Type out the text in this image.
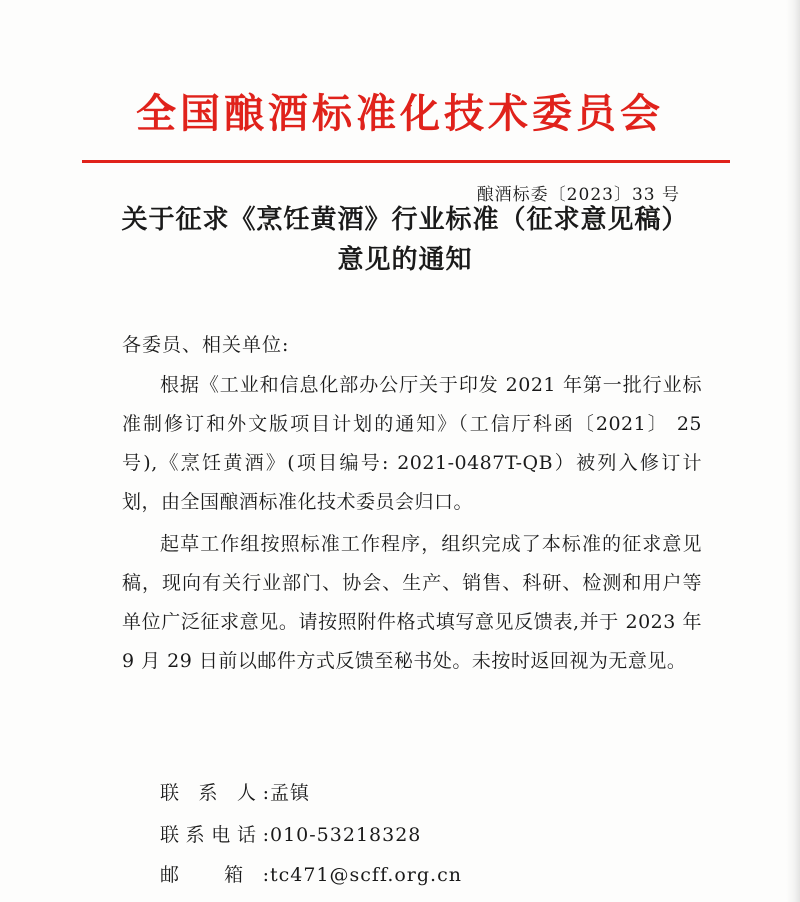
全国酿酒标准化技术委员会
酿酒标委〔2023〕33 号
关于征求《烹饪黄酒》行业标准（征求意见稿）意见的通知
各委员、相关单位:
根据《工业和信息化部办公厅关于印发 2021 年第一批行业标准制修订和外文版项目计划的通知》（工信厅科函〔2021〕 25 号),《烹饪黄酒》(项目编号: 2021-0487T-QB）被列入修订计划，由全国酿酒标准化技术委员会归口。
起草工作组按照标准工作程序，组织完成了本标准的征求意见稿，现向有关行业部门、协会、生产、销售、科研、检测和用户等单位广泛征求意见。请按照附件格式填写意见反馈表,并于 2023 年 9 月 29 日前以邮件方式反馈至秘书处。未按时返回视为无意见。
联 系 人:孟镇
联系电话:010-53218328
邮 箱:tc471@scff.org.cn
